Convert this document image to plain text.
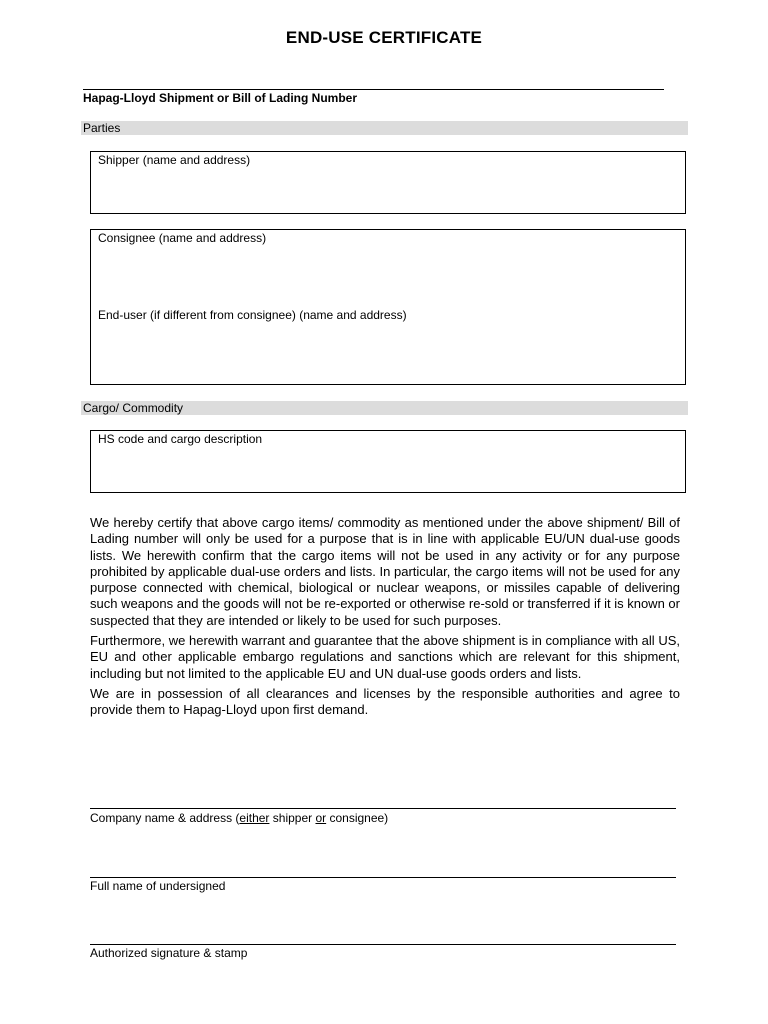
END-USE CERTIFICATE
Hapag-Lloyd Shipment or Bill of Lading Number
Parties
Shipper (name and address)
Consignee (name and address)
End-user (if different from consignee) (name and address)
Cargo/ Commodity
HS code and cargo description

We hereby certify that above cargo items/ commodity as mentioned under the above shipment/ Bill of Lading number will only be used for a purpose that is in line with applicable EU/UN dual-use goods lists. We herewith confirm that the cargo items will not be used in any activity or for any purpose prohibited by applicable dual-use orders and lists. In particular, the cargo items will not be used for any purpose connected with chemical, biological or nuclear weapons, or missiles capable of delivering such weapons and the goods will not be re-exported or otherwise re-sold or transferred if it is known or suspected that they are intended or likely to be used for such purposes.

Furthermore, we herewith warrant and guarantee that the above shipment is in compliance with all US, EU and other applicable embargo regulations and sanctions which are relevant for this shipment, including but not limited to the applicable EU and UN dual-use goods orders and lists.

We are in possession of all clearances and licenses by the responsible authorities and agree to provide them to Hapag-Lloyd upon first demand.

Company name & address (either shipper or consignee)
Full name of undersigned
Authorized signature & stamp
